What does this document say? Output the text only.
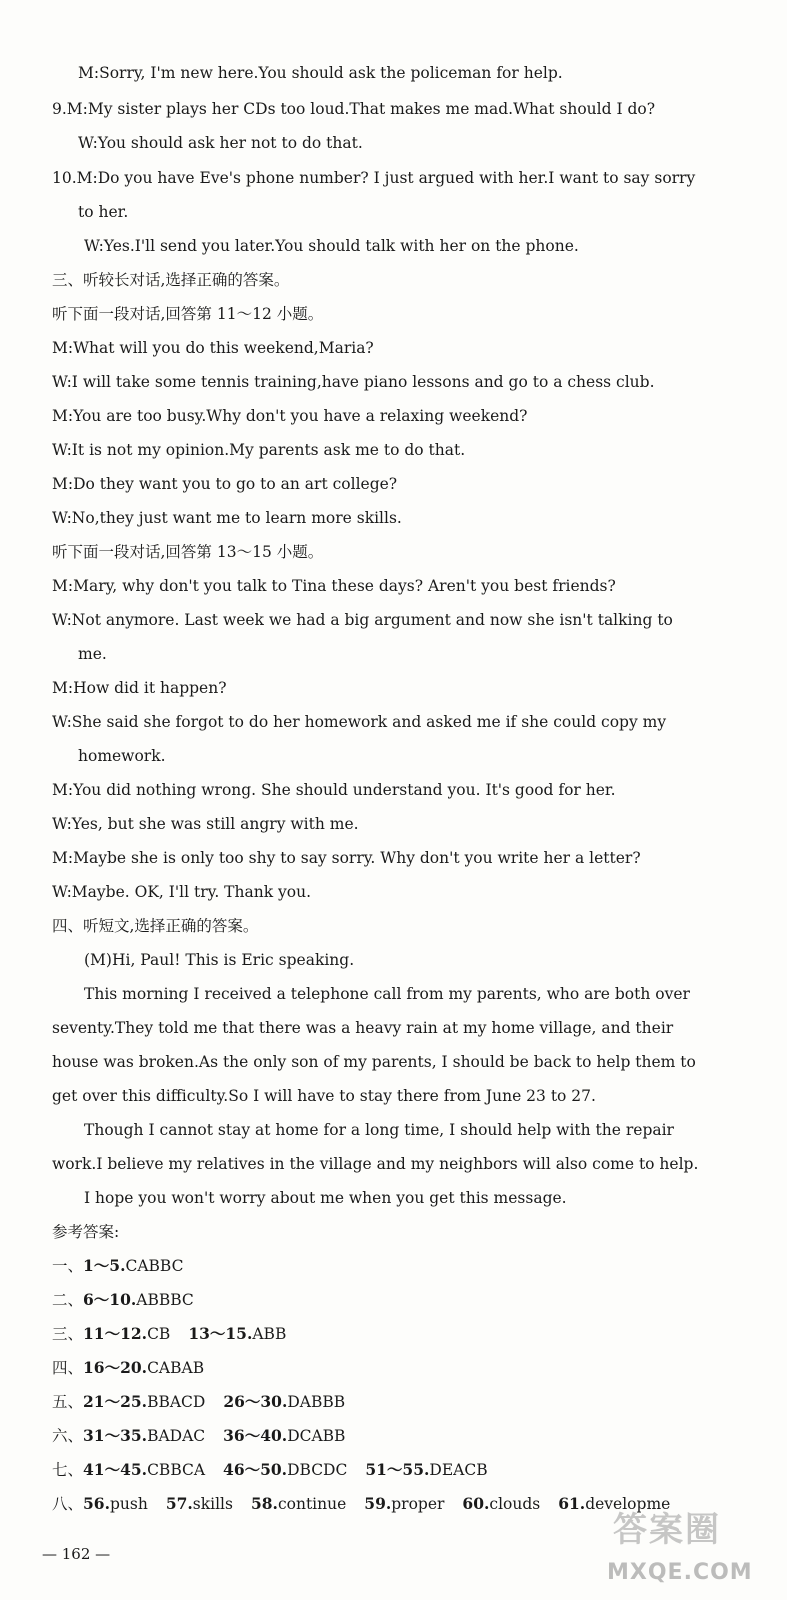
M:Sorry, I'm new here.You should ask the policeman for help.
9.M:My sister plays her CDs too loud.That makes me mad.What should I do?
W:You should ask her not to do that.
10.M:Do you have Eve's phone number? I just argued with her.I want to say sorry
to her.
W:Yes.I'll send you later.You should talk with her on the phone.
三、听较长对话,选择正确的答案。
听下面一段对话,回答第 11～12 小题。
M:What will you do this weekend,Maria?
W:I will take some tennis training,have piano lessons and go to a chess club.
M:You are too busy.Why don't you have a relaxing weekend?
W:It is not my opinion.My parents ask me to do that.
M:Do they want you to go to an art college?
W:No,they just want me to learn more skills.
听下面一段对话,回答第 13～15 小题。
M:Mary, why don't you talk to Tina these days? Aren't you best friends?
W:Not anymore. Last week we had a big argument and now she isn't talking to
me.
M:How did it happen?
W:She said she forgot to do her homework and asked me if she could copy my
homework.
M:You did nothing wrong. She should understand you. It's good for her.
W:Yes, but she was still angry with me.
M:Maybe she is only too shy to say sorry. Why don't you write her a letter?
W:Maybe. OK, I'll try. Thank you.
四、听短文,选择正确的答案。
(M)Hi, Paul! This is Eric speaking.
This morning I received a telephone call from my parents, who are both over
seventy.They told me that there was a heavy rain at my home village, and their
house was broken.As the only son of my parents, I should be back to help them to
get over this difficulty.So I will have to stay there from June 23 to 27.
Though I cannot stay at home for a long time, I should help with the repair
work.I believe my relatives in the village and my neighbors will also come to help.
I hope you won't worry about me when you get this message.
参考答案:
一、1～5.CABBC
二、6～10.ABBBC
三、11～12.CB 13～15.ABB
四、16～20.CABAB
五、21～25.BBACD 26～30.DABBB
六、31～35.BADAC 36～40.DCABB
七、41～45.CBBCA 46～50.DBCDC 51～55.DEACB
八、56.push 57.skills 58.continue 59.proper 60.clouds 61.developme
— 162 —
答案圈
MXQE.COM
